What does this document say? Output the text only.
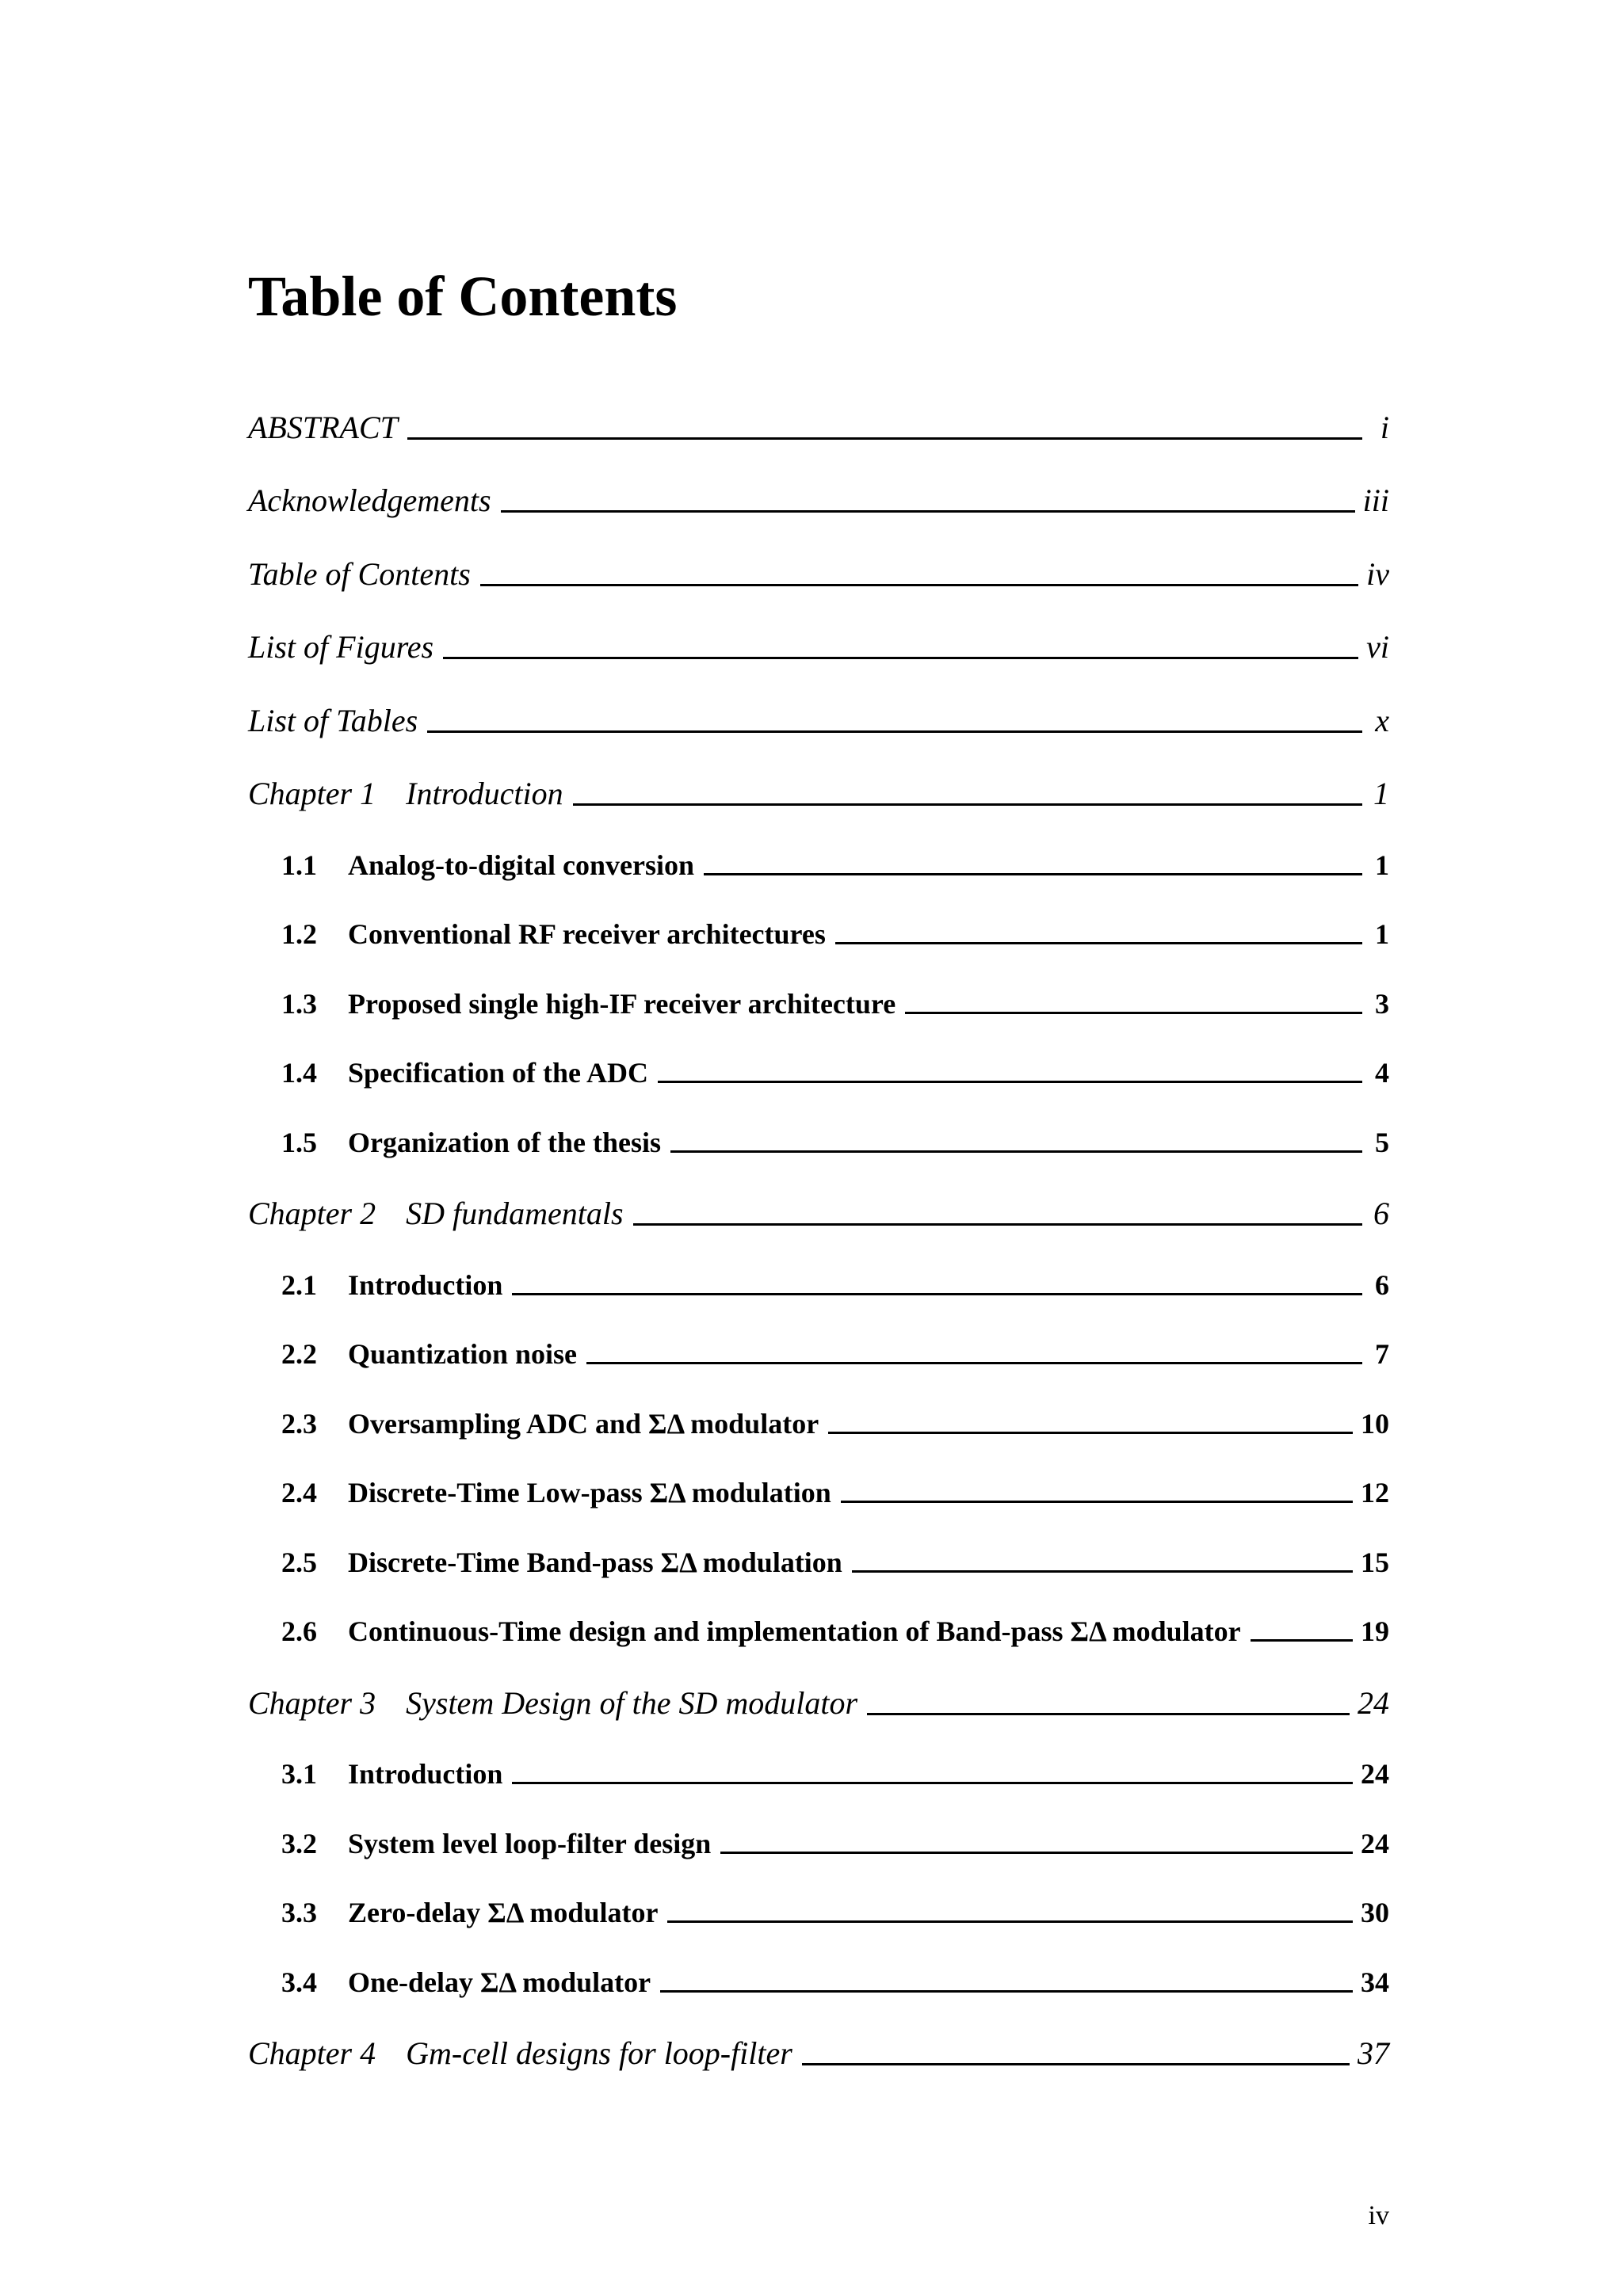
Table of Contents
ABSTRACT	i
Acknowledgements	iii
Table of Contents	iv
List of Figures	vi
List of Tables	x
Chapter 1 Introduction	1
1.1	Analog-to-digital conversion	1
1.2	Conventional RF receiver architectures	1
1.3	Proposed single high-IF receiver architecture	3
1.4	Specification of the ADC	4
1.5	Organization of the thesis	5
Chapter 2 SD fundamentals	6
2.1	Introduction	6
2.2	Quantization noise	7
2.3	Oversampling ADC and ΣΔ modulator	10
2.4	Discrete-Time Low-pass ΣΔ modulation	12
2.5	Discrete-Time Band-pass ΣΔ modulation	15
2.6	Continuous-Time design and implementation of Band-pass ΣΔ modulator	19
Chapter 3 System Design of the SD modulator	24
3.1	Introduction	24
3.2	System level loop-filter design	24
3.3	Zero-delay ΣΔ modulator	30
3.4	One-delay ΣΔ modulator	34
Chapter 4 Gm-cell designs for loop-filter	37
iv
